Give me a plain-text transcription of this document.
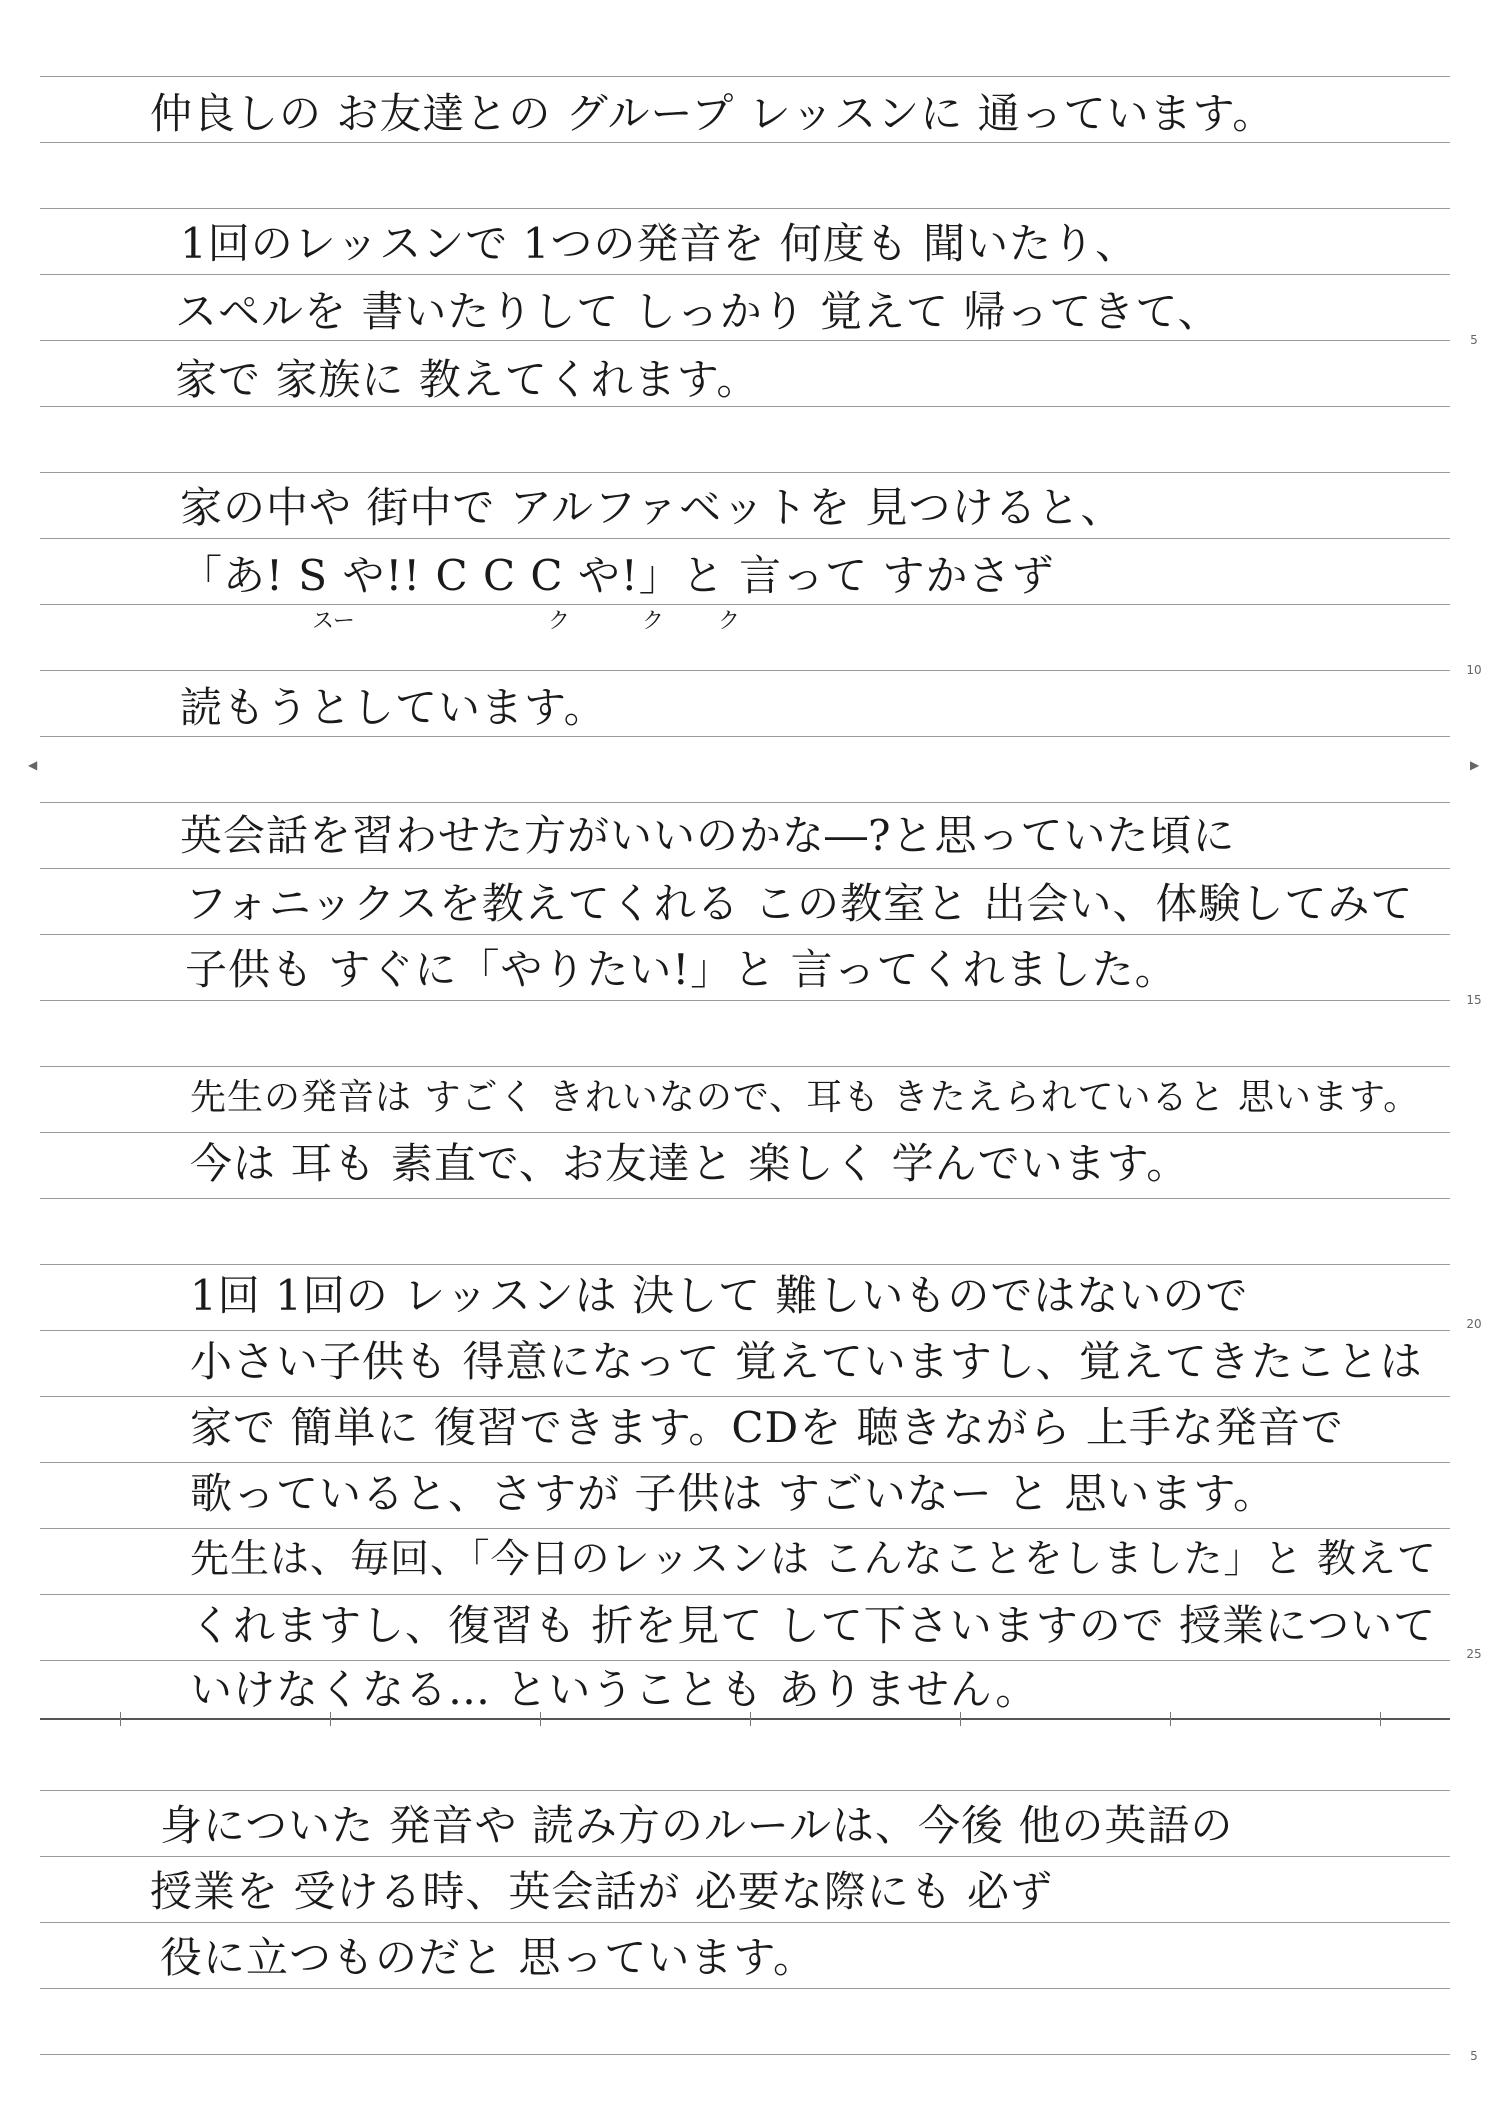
5
10
15
20
25
5
◀	▶
仲良しの お友達との グループ レッスンに 通っています。
1回のレッスンで 1つの発音を 何度も 聞いたり、
スペルを 書いたりして しっかり 覚えて 帰ってきて、
家で 家族に 教えてくれます。
家の中や 街中で アルファベットを 見つけると、
「あ! S や!! C C C や!」と 言って すかさず
スー	ク	ク ク
読もうとしています。
英会話を習わせた方がいいのかな―?と思っていた頃に
フォニックスを教えてくれる この教室と 出会い、体験してみて
子供も すぐに「やりたい!」と 言ってくれました。
先生の発音は すごく きれいなので、耳も きたえられていると 思います。
今は 耳も 素直で、お友達と 楽しく 学んでいます。
1回 1回の レッスンは 決して 難しいものではないので
小さい子供も 得意になって 覚えていますし、覚えてきたことは
家で 簡単に 復習できます。CDを 聴きながら 上手な発音で
歌っていると、さすが 子供は すごいなー と 思います。
先生は、毎回、「今日のレッスンは こんなことをしました」と 教えて
くれますし、復習も 折を見て して下さいますので 授業について
いけなくなる… ということも ありません。
身についた 発音や 読み方のルールは、今後 他の英語の
授業を 受ける時、英会話が 必要な際にも 必ず
役に立つものだと 思っています。
